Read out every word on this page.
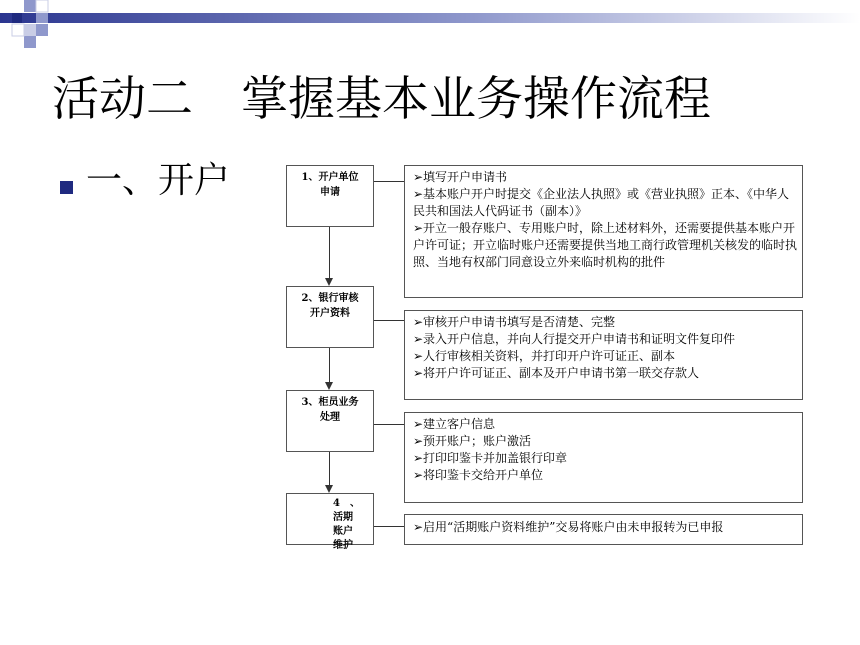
活动二 掌握基本业务操作流程
一、开户	1、开户单位
申请
2、银行审核
开户资料
3、柜员业务
处理
4　、
活期
账户
维护
➢填写开户申请书
➢基本账户开户时提交《企业法人执照》或《营业执照》正本、《中华人民共和国法人代码证书（副本）》
➢开立一般存账户、专用账户时，除上述材料外，还需要提供基本账户开户许可证；开立临时账户还需要提供当地工商行政管理机关核发的临时执照、当地有权部门同意设立外来临时机构的批件
➢审核开户申请书填写是否清楚、完整
➢录入开户信息，并向人行提交开户申请书和证明文件复印件
➢人行审核相关资料，并打印开户许可证正、副本
➢将开户许可证正、副本及开户申请书第一联交存款人
➢建立客户信息
➢预开账户；账户激活
➢打印印鉴卡并加盖银行印章
➢将印鉴卡交给开户单位
➢启用“活期账户资料维护”交易将账户由未申报转为已申报
